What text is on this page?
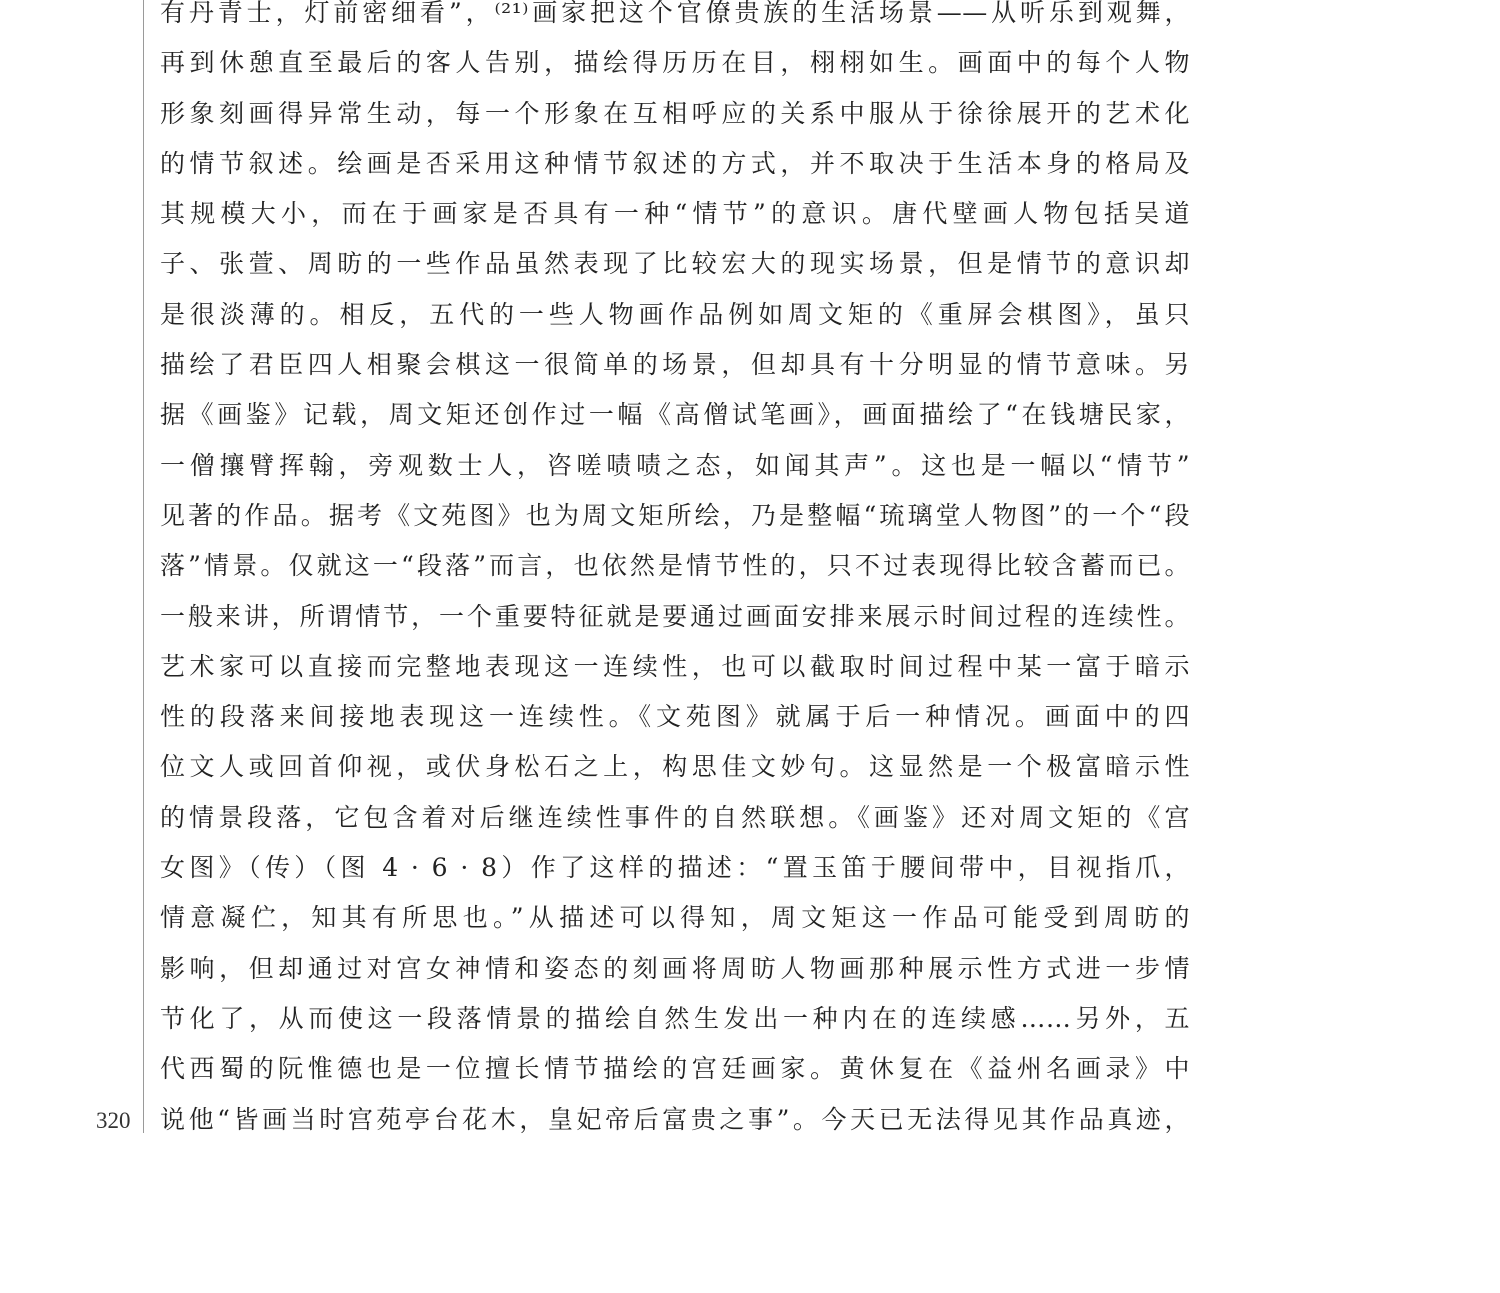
320
有丹青士，灯前密细看”，⁽²¹⁾画家把这个官僚贵族的生活场景——从听乐到观舞，
再到休憩直至最后的客人告别，描绘得历历在目，栩栩如生。画面中的每个人物
形象刻画得异常生动，每一个形象在互相呼应的关系中服从于徐徐展开的艺术化
的情节叙述。绘画是否采用这种情节叙述的方式，并不取决于生活本身的格局及
其规模大小，而在于画家是否具有一种“情节”的意识。唐代壁画人物包括吴道
子、张萱、周昉的一些作品虽然表现了比较宏大的现实场景，但是情节的意识却
是很淡薄的。相反，五代的一些人物画作品例如周文矩的《重屏会棋图》，虽只
描绘了君臣四人相聚会棋这一很简单的场景，但却具有十分明显的情节意味。另
据《画鉴》记载，周文矩还创作过一幅《高僧试笔画》，画面描绘了“在钱塘民家，
一僧攘臂挥翰，旁观数士人，咨嗟啧啧之态，如闻其声”。这也是一幅以“情节”
见著的作品。据考《文苑图》也为周文矩所绘，乃是整幅“琉璃堂人物图”的一个“段
落”情景。仅就这一“段落”而言，也依然是情节性的，只不过表现得比较含蓄而已。
一般来讲，所谓情节，一个重要特征就是要通过画面安排来展示时间过程的连续性。
艺术家可以直接而完整地表现这一连续性，也可以截取时间过程中某一富于暗示
性的段落来间接地表现这一连续性。《文苑图》就属于后一种情况。画面中的四
位文人或回首仰视，或伏身松石之上，构思佳文妙句。这显然是一个极富暗示性
的情景段落，它包含着对后继连续性事件的自然联想。《画鉴》还对周文矩的《宫
女图》（传）（图 4 · 6 · 8）作了这样的描述：“置玉笛于腰间带中，目视指爪，
情意凝伫，知其有所思也。”从描述可以得知，周文矩这一作品可能受到周昉的
影响，但却通过对宫女神情和姿态的刻画将周昉人物画那种展示性方式进一步情
节化了，从而使这一段落情景的描绘自然生发出一种内在的连续感……另外，五
代西蜀的阮惟德也是一位擅长情节描绘的宫廷画家。黄休复在《益州名画录》中
说他“皆画当时宫苑亭台花木，皇妃帝后富贵之事”。今天已无法得见其作品真迹，
